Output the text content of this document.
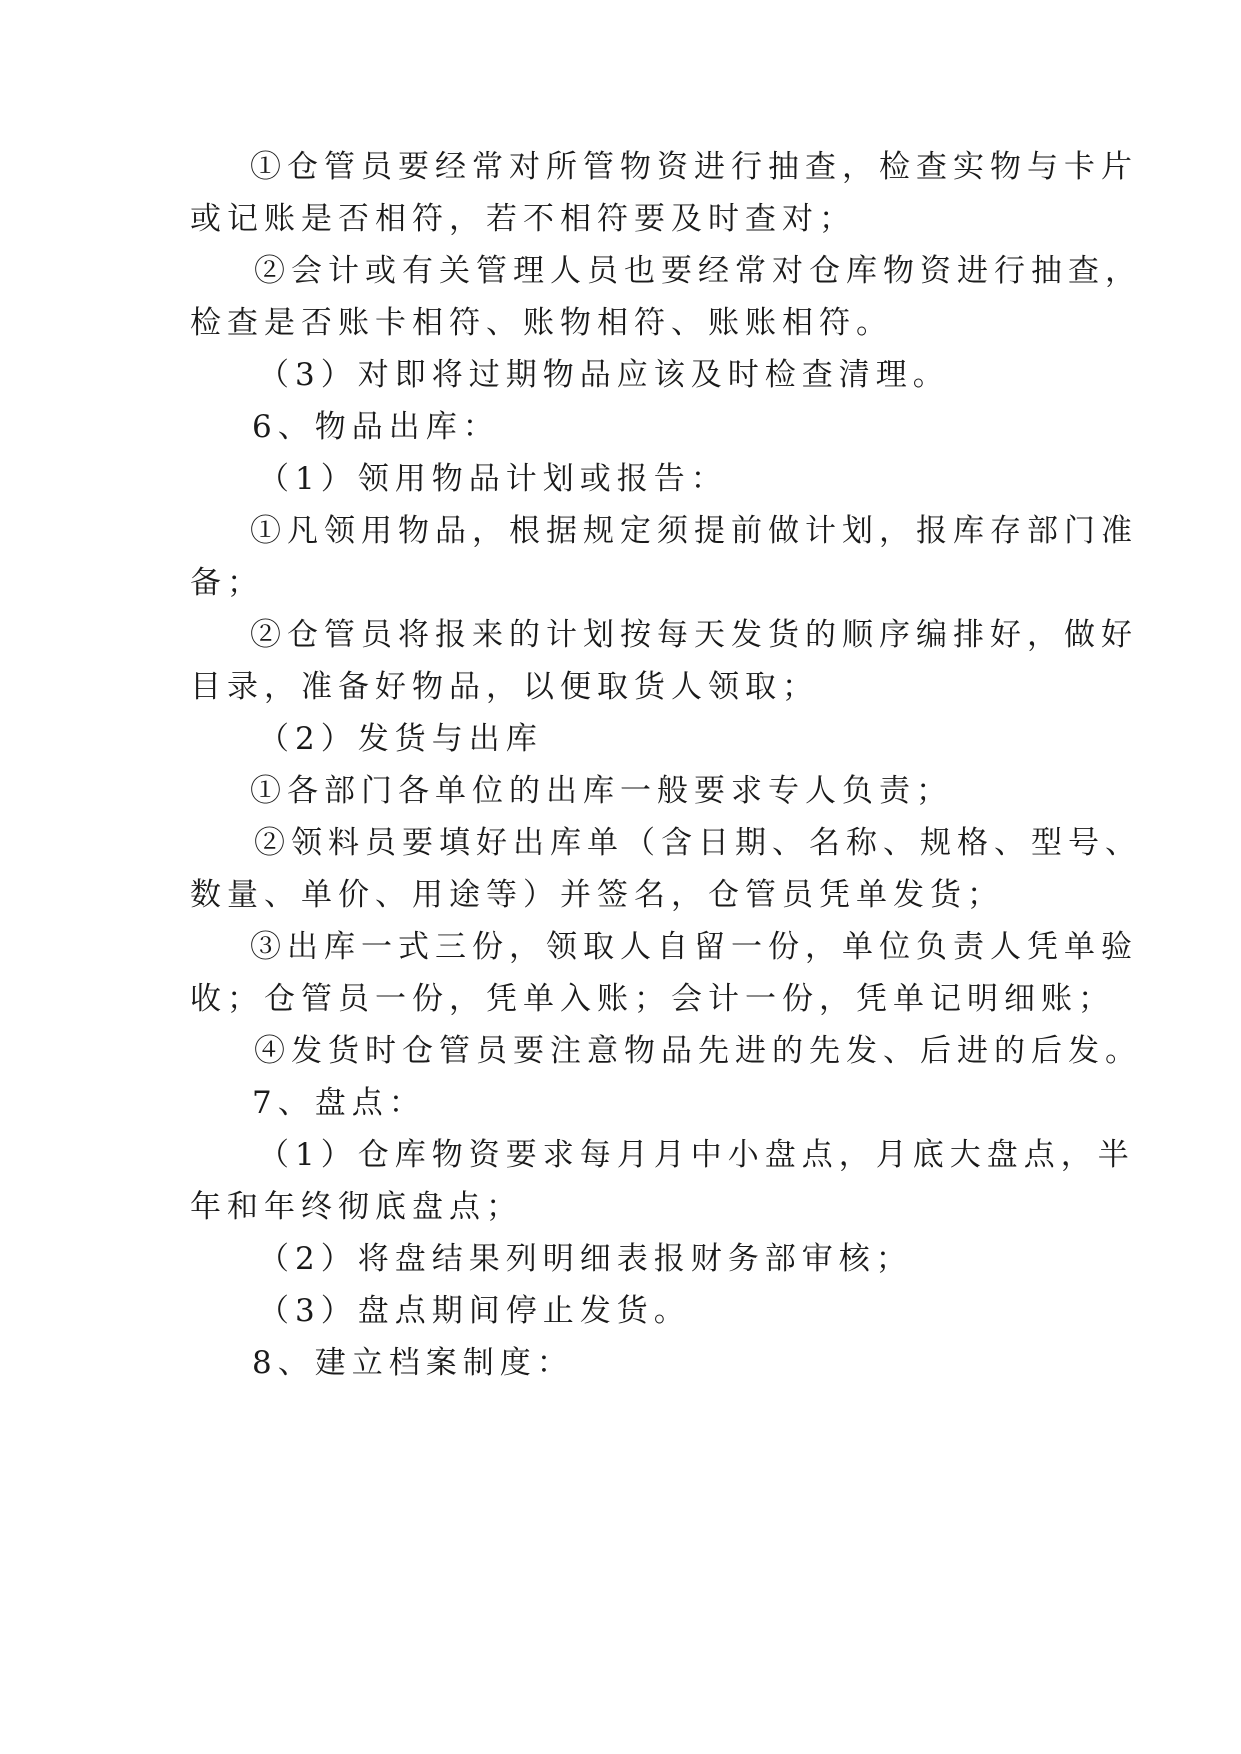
①仓管员要经常对所管物资进行抽查，检查实物与卡片
或记账是否相符，若不相符要及时查对；
②会计或有关管理人员也要经常对仓库物资进行抽查，
检查是否账卡相符、账物相符、账账相符。
（3）对即将过期物品应该及时检查清理。
6、物品出库：
（1）领用物品计划或报告：
①凡领用物品，根据规定须提前做计划，报库存部门准
备；
②仓管员将报来的计划按每天发货的顺序编排好，做好
目录，准备好物品，以便取货人领取；
（2）发货与出库
①各部门各单位的出库一般要求专人负责；
②领料员要填好出库单（含日期、名称、规格、型号、
数量、单价、用途等）并签名，仓管员凭单发货；
③出库一式三份，领取人自留一份，单位负责人凭单验
收；仓管员一份，凭单入账；会计一份，凭单记明细账；
④发货时仓管员要注意物品先进的先发、后进的后发。
7、盘点：
（1）仓库物资要求每月月中小盘点，月底大盘点，半
年和年终彻底盘点；
（2）将盘结果列明细表报财务部审核；
（3）盘点期间停止发货。
8、建立档案制度：
